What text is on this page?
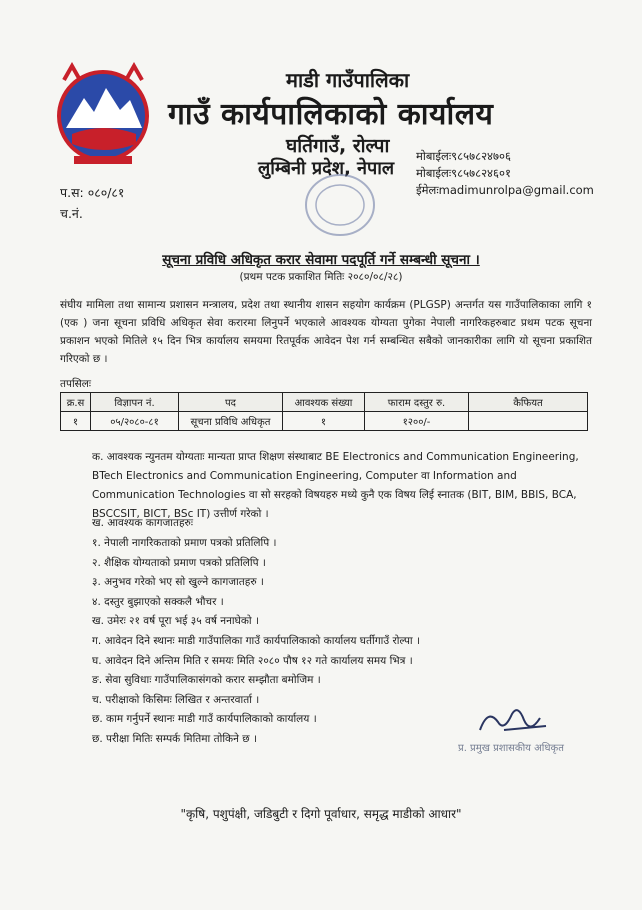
माडी गाउँपालिका
गाउँ कार्यपालिकाको कार्यालय
घर्तिगाउँ, रोल्पा
लुम्बिनी प्रदेश, नेपाल
मोबाईलः९८५७८२४७०६
मोबाईलः९८५७८२४६०१
ईमेलःmadimunrolpa@gmail.com
प.स: ०८०/८१
च.नं.
सूचना प्रविधि अधिकृत करार सेवामा पदपूर्ति गर्ने सम्बन्धी सूचना ।
(प्रथम पटक प्रकाशित मितिः २०८०/०८/२८)
संघीय मामिला तथा सामान्य प्रशासन मन्त्रालय, प्रदेश तथा स्थानीय शासन सहयोग कार्यक्रम (PLGSP) अन्तर्गत यस गाउँपालिकाका लागि १ (एक ) जना सूचना प्रविधि अधिकृत सेवा करारमा लिनुपर्ने भएकाले आवश्यक योग्यता पुगेका नेपाली नागरिकहरुबाट प्रथम पटक सूचना प्रकाशन भएको मितिले १५ दिन भित्र कार्यालय समयमा रितपूर्वक आवेदन पेश गर्न सम्बन्धित सबैको जानकारीका लागि यो सूचना प्रकाशित गरिएको छ ।
तपसिलः
क्र.स	विज्ञापन नं.	पद	आवश्यक संख्या	फाराम दस्तुर रु.	कैफियत
१	०५/२०८०-८१	सूचना प्रविधि अधिकृत	१	१२००/-	
क. आवश्यक न्युनतम योग्यताः मान्यता प्राप्त शिक्षण संस्थाबाट BE Electronics and Communication Engineering, BTech Electronics and Communication Engineering, Computer वा Information and Communication Technologies वा सो सरहको विषयहरु मध्ये कुनै एक विषय लिई स्नातक (BIT, BIM, BBIS, BCA, BSCCSIT, BICT, BSc IT) उत्तीर्ण गरेको ।
ख. आवश्यक कागजातहरुः
१. नेपाली नागरिकताको प्रमाण पत्रको प्रतिलिपि ।
२. शैक्षिक योग्यताको प्रमाण पत्रको प्रतिलिपि ।
३. अनुभव गरेको भए सो खुल्ने कागजातहरु ।
४. दस्तुर बुझाएको सक्कलै भौचर ।
ख. उमेरः २१ वर्ष पूरा भई ३५ वर्ष ननाघेको ।
ग. आवेदन दिने स्थानः माडी गाउँपालिका गाउँ कार्यपालिकाको कार्यालय घर्तीगाउँ रोल्पा ।
घ. आवेदन दिने अन्तिम मिति र समयः मिति २०८० पौष १२ गते कार्यालय समय भित्र ।
ङ. सेवा सुविधाः गाउँपालिकासंगको करार सम्झौता बमोजिम ।
च. परीक्षाको किसिमः लिखित र अन्तरवार्ता ।
छ. काम गर्नुपर्ने स्थानः माडी गाउँ कार्यपालिकाको कार्यालय ।
छ. परीक्षा मितिः सम्पर्क मितिमा तोकिने छ ।
प्र. प्रमुख प्रशासकीय अधिकृत
"कृषि, पशुपंक्षी, जडिबुटी र दिगो पूर्वाधार, समृद्ध माडीको आधार"
